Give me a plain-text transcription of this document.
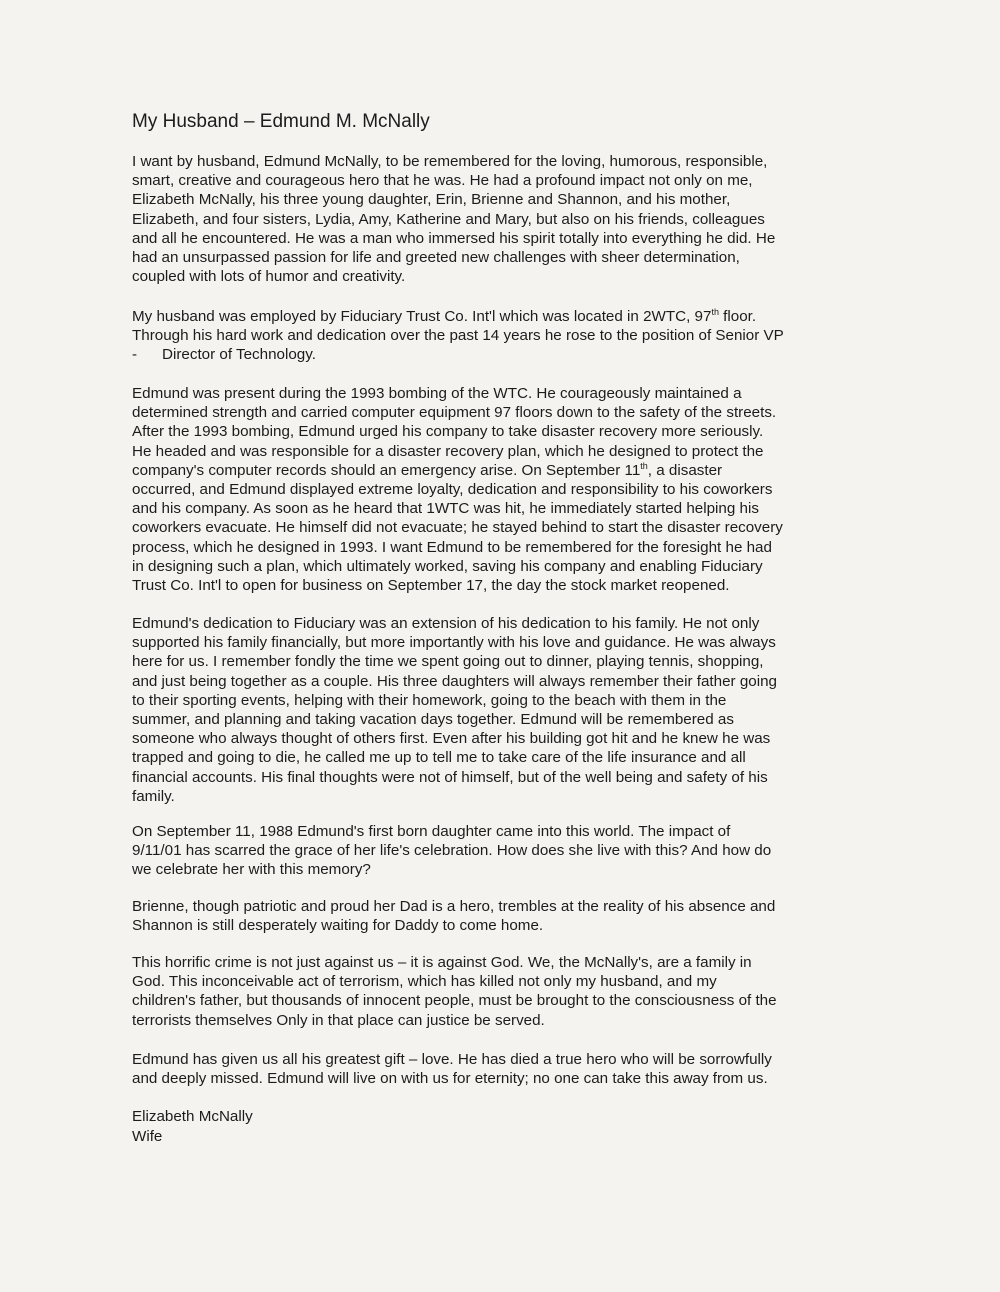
My Husband – Edmund M. McNally
I want by husband, Edmund McNally, to be remembered for the loving, humorous, responsible,
smart, creative and courageous hero that he was. He had a profound impact not only on me,
Elizabeth McNally, his three young daughter, Erin, Brienne and Shannon, and his mother,
Elizabeth, and four sisters, Lydia, Amy, Katherine and Mary, but also on his friends, colleagues
and all he encountered. He was a man who immersed his spirit totally into everything he did. He
had an unsurpassed passion for life and greeted new challenges with sheer determination,
coupled with lots of humor and creativity.
My husband was employed by Fiduciary Trust Co. Int'l which was located in 2WTC, 97th floor.
Through his hard work and dedication over the past 14 years he rose to the position of Senior VP
- Director of Technology.
Edmund was present during the 1993 bombing of the WTC. He courageously maintained a
determined strength and carried computer equipment 97 floors down to the safety of the streets.
After the 1993 bombing, Edmund urged his company to take disaster recovery more seriously.
He headed and was responsible for a disaster recovery plan, which he designed to protect the
company's computer records should an emergency arise. On September 11th, a disaster
occurred, and Edmund displayed extreme loyalty, dedication and responsibility to his coworkers
and his company. As soon as he heard that 1WTC was hit, he immediately started helping his
coworkers evacuate. He himself did not evacuate; he stayed behind to start the disaster recovery
process, which he designed in 1993. I want Edmund to be remembered for the foresight he had
in designing such a plan, which ultimately worked, saving his company and enabling Fiduciary
Trust Co. Int'l to open for business on September 17, the day the stock market reopened.
Edmund's dedication to Fiduciary was an extension of his dedication to his family. He not only
supported his family financially, but more importantly with his love and guidance. He was always
here for us. I remember fondly the time we spent going out to dinner, playing tennis, shopping,
and just being together as a couple. His three daughters will always remember their father going
to their sporting events, helping with their homework, going to the beach with them in the
summer, and planning and taking vacation days together. Edmund will be remembered as
someone who always thought of others first. Even after his building got hit and he knew he was
trapped and going to die, he called me up to tell me to take care of the life insurance and all
financial accounts. His final thoughts were not of himself, but of the well being and safety of his
family.
On September 11, 1988 Edmund's first born daughter came into this world. The impact of
9/11/01 has scarred the grace of her life's celebration. How does she live with this? And how do
we celebrate her with this memory?
Brienne, though patriotic and proud her Dad is a hero, trembles at the reality of his absence and
Shannon is still desperately waiting for Daddy to come home.
This horrific crime is not just against us – it is against God. We, the McNally's, are a family in
God. This inconceivable act of terrorism, which has killed not only my husband, and my
children's father, but thousands of innocent people, must be brought to the consciousness of the
terrorists themselves Only in that place can justice be served.
Edmund has given us all his greatest gift – love. He has died a true hero who will be sorrowfully
and deeply missed. Edmund will live on with us for eternity; no one can take this away from us.
Elizabeth McNally
Wife
